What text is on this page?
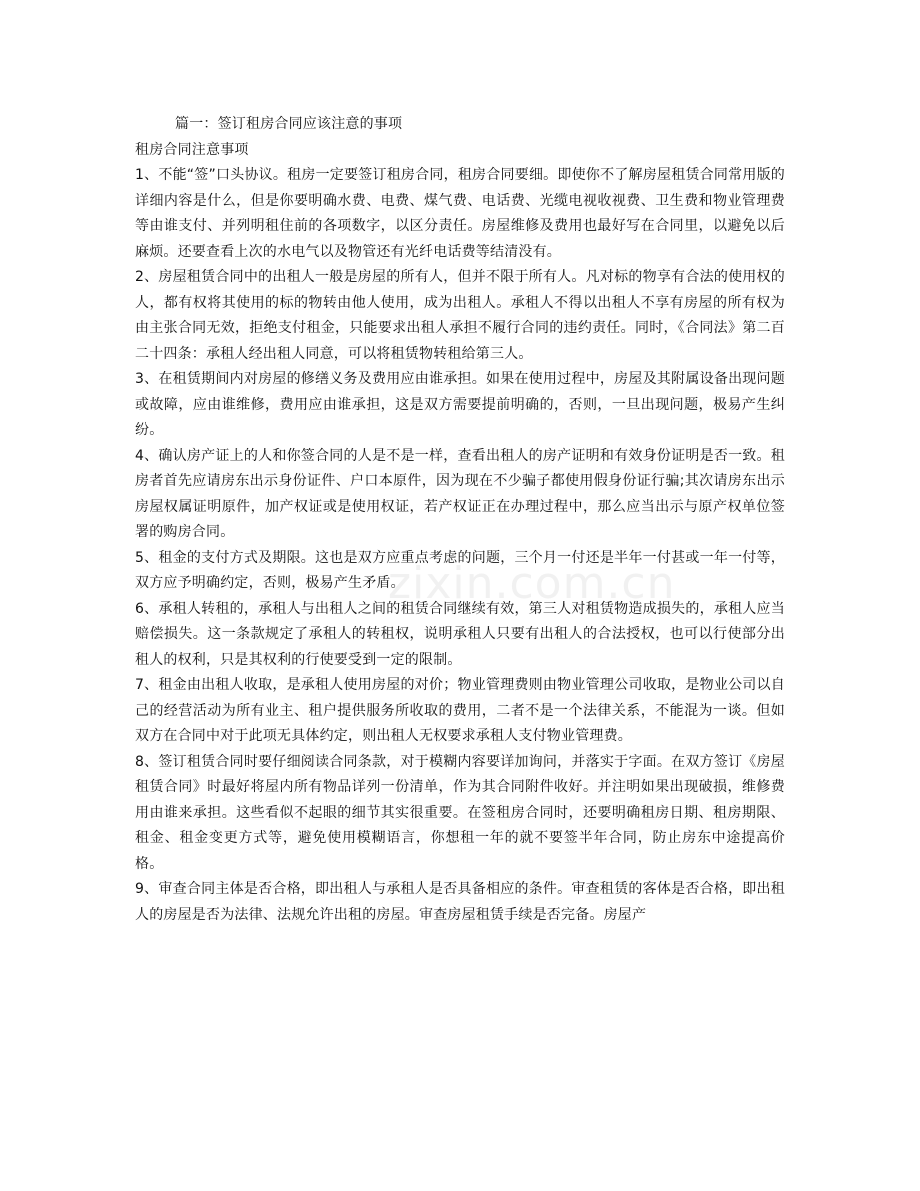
篇一：签订租房合同应该注意的事项

租房合同注意事项

1、不能“签”口头协议。租房一定要签订租房合同，租房合同要细。即使你不了解房屋租赁合同常用版的详细内容是什么，但是你要明确水费、电费、煤气费、电话费、光缆电视收视费、卫生费和物业管理费等由谁支付、并列明租住前的各项数字，以区分责任。房屋维修及费用也最好写在合同里，以避免以后麻烦。还要查看上次的水电气以及物管还有光纤电话费等结清没有。

2、房屋租赁合同中的出租人一般是房屋的所有人，但并不限于所有人。凡对标的物享有合法的使用权的人，都有权将其使用的标的物转由他人使用，成为出租人。承租人不得以出租人不享有房屋的所有权为由主张合同无效，拒绝支付租金，只能要求出租人承担不履行合同的违约责任。同时，《合同法》第二百二十四条：承租人经出租人同意，可以将租赁物转租给第三人。

3、在租赁期间内对房屋的修缮义务及费用应由谁承担。如果在使用过程中，房屋及其附属设备出现问题或故障，应由谁维修，费用应由谁承担，这是双方需要提前明确的，否则，一旦出现问题，极易产生纠纷。

4、确认房产证上的人和你签合同的人是不是一样，查看出租人的房产证明和有效身份证明是否一致。租房者首先应请房东出示身份证件、户口本原件，因为现在不少骗子都使用假身份证行骗;其次请房东出示房屋权属证明原件，加产权证或是使用权证，若产权证正在办理过程中，那么应当出示与原产权单位签署的购房合同。

5、租金的支付方式及期限。这也是双方应重点考虑的问题，三个月一付还是半年一付甚或一年一付等，双方应予明确约定，否则，极易产生矛盾。

6、承租人转租的，承租人与出租人之间的租赁合同继续有效，第三人对租赁物造成损失的，承租人应当赔偿损失。这一条款规定了承租人的转租权，说明承租人只要有出租人的合法授权，也可以行使部分出租人的权利，只是其权利的行使要受到一定的限制。

7、租金由出租人收取，是承租人使用房屋的对价；物业管理费则由物业管理公司收取，是物业公司以自己的经营活动为所有业主、租户提供服务所收取的费用，二者不是一个法律关系，不能混为一谈。但如双方在合同中对于此项无具体约定，则出租人无权要求承租人支付物业管理费。

8、签订租赁合同时要仔细阅读合同条款，对于模糊内容要详加询问，并落实于字面。在双方签订《房屋租赁合同》时最好将屋内所有物品详列一份清单，作为其合同附件收好。并注明如果出现破损，维修费用由谁来承担。这些看似不起眼的细节其实很重要。在签租房合同时，还要明确租房日期、租房期限、租金、租金变更方式等，避免使用模糊语言，你想租一年的就不要签半年合同，防止房东中途提高价格。

9、审查合同主体是否合格，即出租人与承租人是否具备相应的条件。审查租赁的客体是否合格，即出租人的房屋是否为法律、法规允许出租的房屋。审查房屋租赁手续是否完备。房屋产

zixin.com.cn
